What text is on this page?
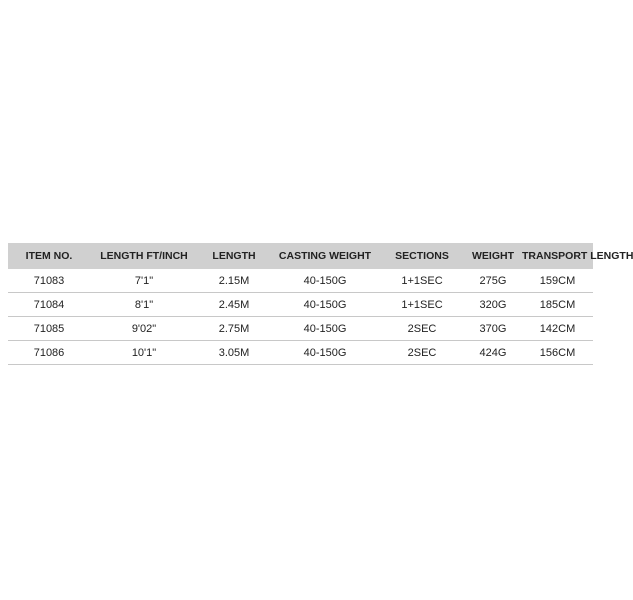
ITEM NO.	LENGTH FT/INCH	LENGTH	CASTING WEIGHT	SECTIONS	WEIGHT	TRANSPORT LENGTH
71083	7'1"	2.15M	40-150G	1+1SEC	275G	159CM
71084	8'1"	2.45M	40-150G	1+1SEC	320G	185CM
71085	9'02"	2.75M	40-150G	2SEC	370G	142CM
71086	10'1"	3.05M	40-150G	2SEC	424G	156CM
